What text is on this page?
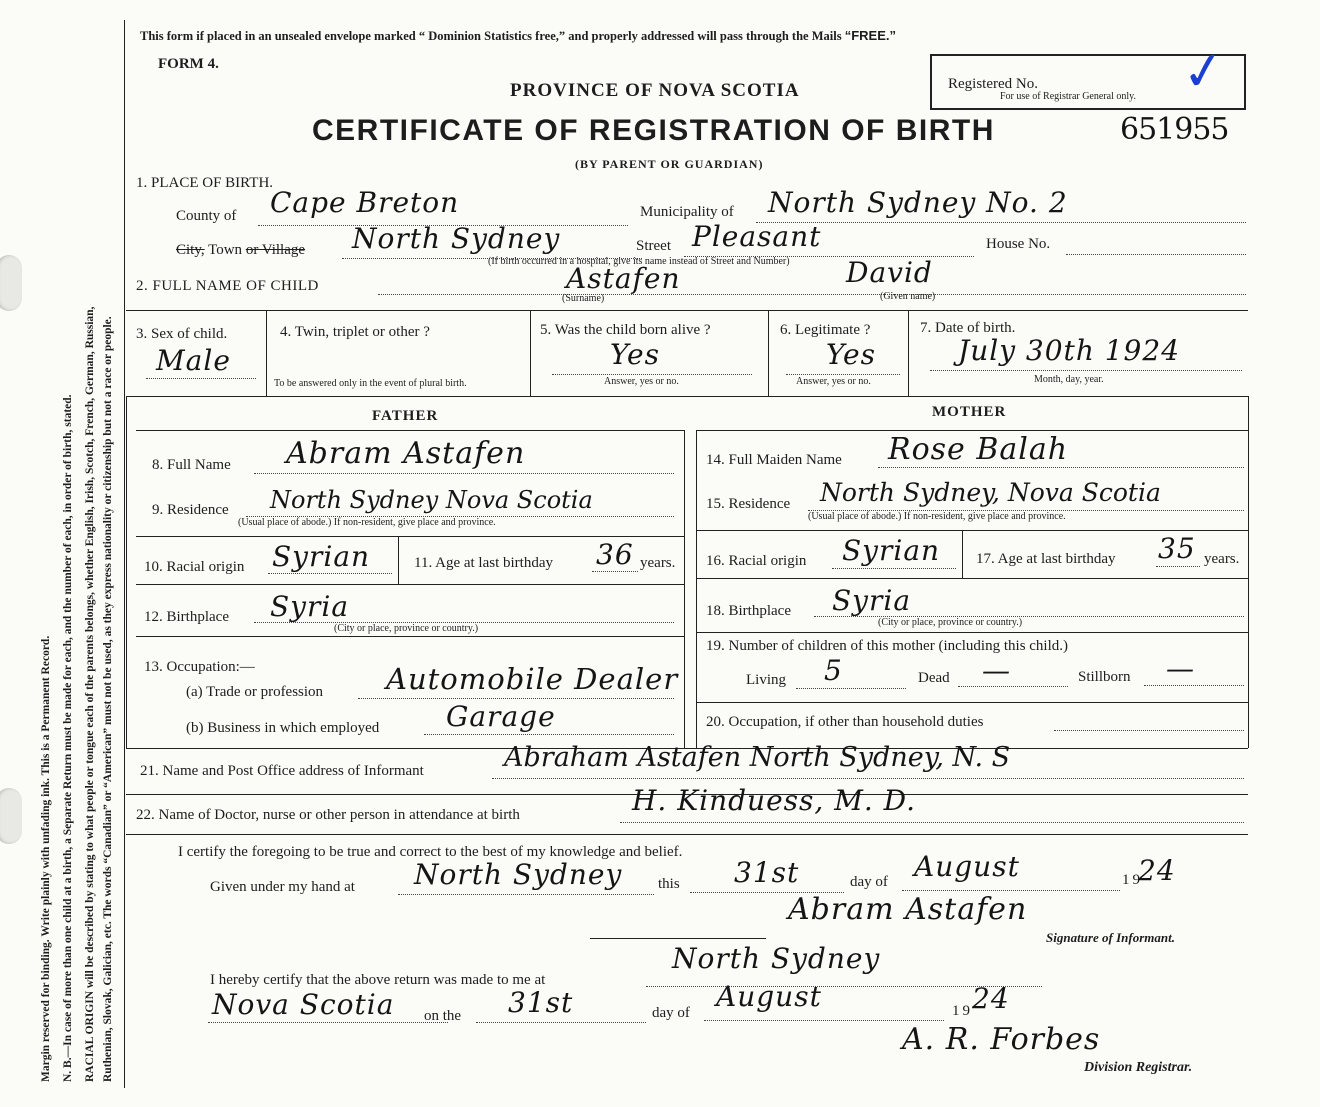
Margin reserved for binding. Write plainly with unfading ink. This is a Permanent Record. N. B.—In case of more than one child at a birth, a Separate Return must be made for each, and the number of each, in order of birth, stated. RACIAL ORIGIN will be described by stating to what people or tongue each of the parents belongs, whether English, Irish, Scotch, French, German, Russian, Ruthenian, Slovak, Galician, etc. The words “Canadian” or “American” must not be used, as they express nationality or citizenship but not a race or people.
This form if placed in an unsealed envelope marked “ Dominion Statistics free,” and properly addressed will pass through the Mails “FREE.”
FORM 4.
PROVINCE OF NOVA SCOTIA
CERTIFICATE OF REGISTRATION OF BIRTH
(BY PARENT OR GUARDIAN)
Registered No.
For use of Registrar General only. ✓
651955
1. PLACE OF BIRTH.
County of Cape Breton	Municipality of North Sydney No. 2
City, Town or Village North Sydney	Street Pleasant	House No.
(If birth occurred in a hospital, give its name instead of Street and Number)
2. FULL NAME OF CHILD	Astafen	David
(Surname)	(Given name)
3. Sex of child.
Male
4. Twin, triplet or other ?
To be answered only in the event of plural birth.
5. Was the child born alive ?
Yes
Answer, yes or no.
6. Legitimate ?
Yes
Answer, yes or no.
7. Date of birth.
July 30th 1924
Month, day, year.
FATHER	MOTHER
8. Full Name Abram Astafen
9. Residence North Sydney Nova Scotia
(Usual place of abode.) If non-resident, give place and province.
10. Racial origin Syrian	11. Age at last birthday 36 years.
12. Birthplace Syria
(City or place, province or country.)
13. Occupation:—
(a) Trade or profession Automobile Dealer
(b) Business in which employed Garage
14. Full Maiden Name Rose Balah
15. Residence North Sydney, Nova Scotia
(Usual place of abode.) If non-resident, give place and province.
16. Racial origin Syrian 17. Age at last birthday 35 years.
18. Birthplace Syria
(City or place, province or country.)
19. Number of children of this mother (including this child.)
Living 5	Dead —	Stillborn —
20. Occupation, if other than household duties
21. Name and Post Office address of Informant	Abraham Astafen North Sydney, N. S
22. Name of Doctor, nurse or other person in attendance at birth	H. Kinduess, M. D.
I certify the foregoing to be true and correct to the best of my knowledge and belief.
Given under my hand at North Sydney this 31st	day of August	19
24
Abram Astafen
Signature of Informant.
I hereby certify that the above return was made to me at
North Sydney
Nova Scotia on the 31st	day of August	19 24
A. R. Forbes
Division Registrar.
